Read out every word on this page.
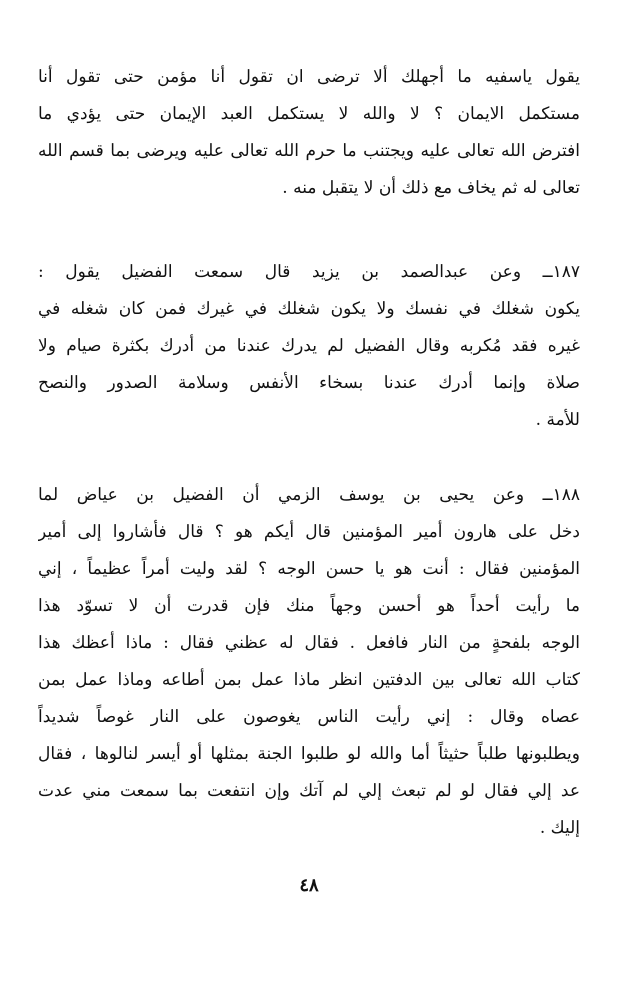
يقول ياسفيه ما أجهلك ألا ترضى ان تقول أنا مؤمن حتى تقول أنا
مستكمل الايمان ؟ لا والله لا يستكمل العبد الإيمان حتى يؤدي ما
افترض الله تعالى عليه ويجتنب ما حرم الله تعالى عليه ويرضى بما قسم الله
تعالى له ثم يخاف مع ذلك أن لا يتقبل منه .
١٨٧ــ وعن عبدالصمد بن يزيد قال سمعت الفضيل يقول :
يكون شغلك في نفسك ولا يكون شغلك في غيرك فمن كان شغله في
غيره فقد مُكربه وقال الفضيل لم يدرك عندنا من أدرك بكثرة صيام ولا
صلاة وإنما أدرك عندنا بسخاء الأنفس وسلامة الصدور والنصح
للأمة .
١٨٨ــ وعن يحيى بن يوسف الزمي أن الفضيل بن عياض لما
دخل على هارون أمير المؤمنين قال أيكم هو ؟ قال فأشاروا إلى أمير
المؤمنين فقال : أنت هو يا حسن الوجه ؟ لقد وليت أمراً عظيماً ، إني
ما رأيت أحداً هو أحسن وجهاً منك فإن قدرت أن لا تسوّد هذا
الوجه بلفحةٍ من النار فافعل . فقال له عظني فقال : ماذا أعظك هذا
كتاب الله تعالى بين الدفتين انظر ماذا عمل بمن أطاعه وماذا عمل بمن
عصاه وقال : إني رأيت الناس يغوصون على النار غوصاً شديداً
ويطلبونها طلباً حثيثاً أما والله لو طلبوا الجنة بمثلها أو أيسر لنالوها ، فقال
عد إلي فقال لو لم تبعث إلي لم آتك وإن انتفعت بما سمعت مني عدت
إليك .
٤٨
